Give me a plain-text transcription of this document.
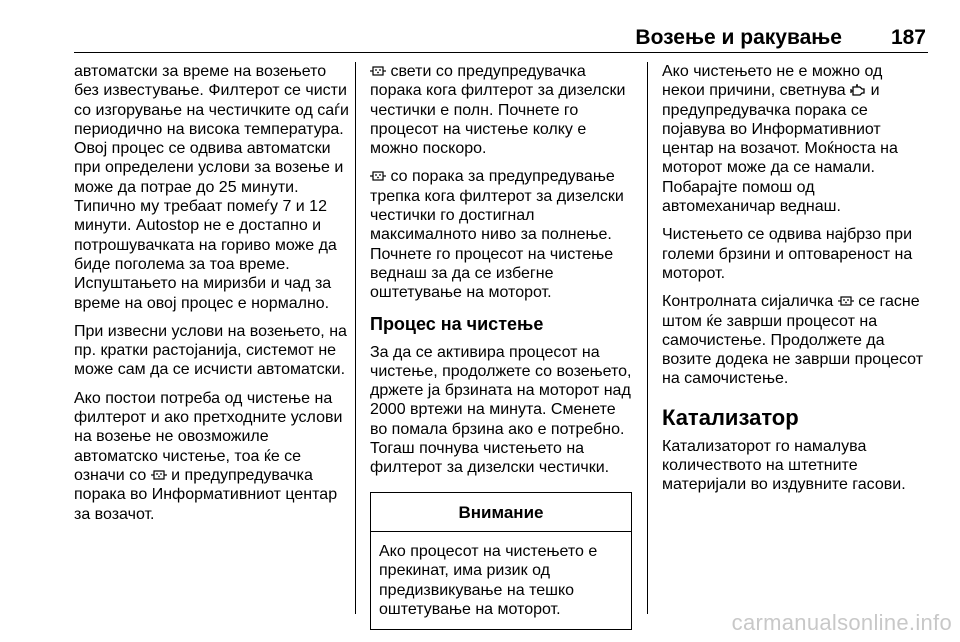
Возење и ракување 187

автоматски за време на возењето без известување. Филтерот се чисти со изгорување на честичките од саѓи периодично на висока температура. Овој процес се одвива автоматски при определени услови за возење и може да потрае до 25 минути. Типично му требаат помеѓу 7 и 12 минути. Autostop не е достапно и потрошувачката на гориво може да биде поголема за тоа време. Испуштањето на миризби и чад за време на овој процес е нормално.

При извесни услови на возењето, на пр. кратки растојанија, системот не може сам да се исчисти автоматски.

Ако постои потреба од чистење на филтерот и ако претходните услови на возење не овозможиле автоматско чистење, тоа ќе се означи со и предупредувачка порака во Информативниот центар за возачот.

свети со предупредувачка порака кога филтерот за дизелски честички е полн. Почнете го процесот на чистење колку е можно поскоро.

со порака за предупредување трепка кога филтерот за дизелски честички го достигнал максималното ниво за полнење. Почнете го процесот на чистење веднаш за да се избегне оштетување на моторот.

Процес на чистење

За да се активира процесот на чистење, продолжете со возењето, држете ја брзината на моторот над 2000 вртежи на минута. Сменете во помала брзина ако е потребно. Тогаш почнува чистењето на филтерот за дизелски честички.

Внимание
Ако процесот на чистењето е прекинат, има ризик од предизвикување на тешко оштетување на моторот.

Ако чистењето не е можно од некои причини, светнува и предупредувачка порака се појавува во Информативниот центар на возачот. Моќноста на моторот може да се намали. Побарајте помош од автомеханичар веднаш.

Чистењето се одвива најбрзо при големи брзини и оптовареност на моторот.

Контролната сијаличка се гасне штом ќе заврши процесот на самочистење. Продолжете да возите додека не заврши процесот на самочистење.

Катализатор

Катализаторот го намалува количеството на штетните материјали во издувните гасови.

carmanualsonline.info
